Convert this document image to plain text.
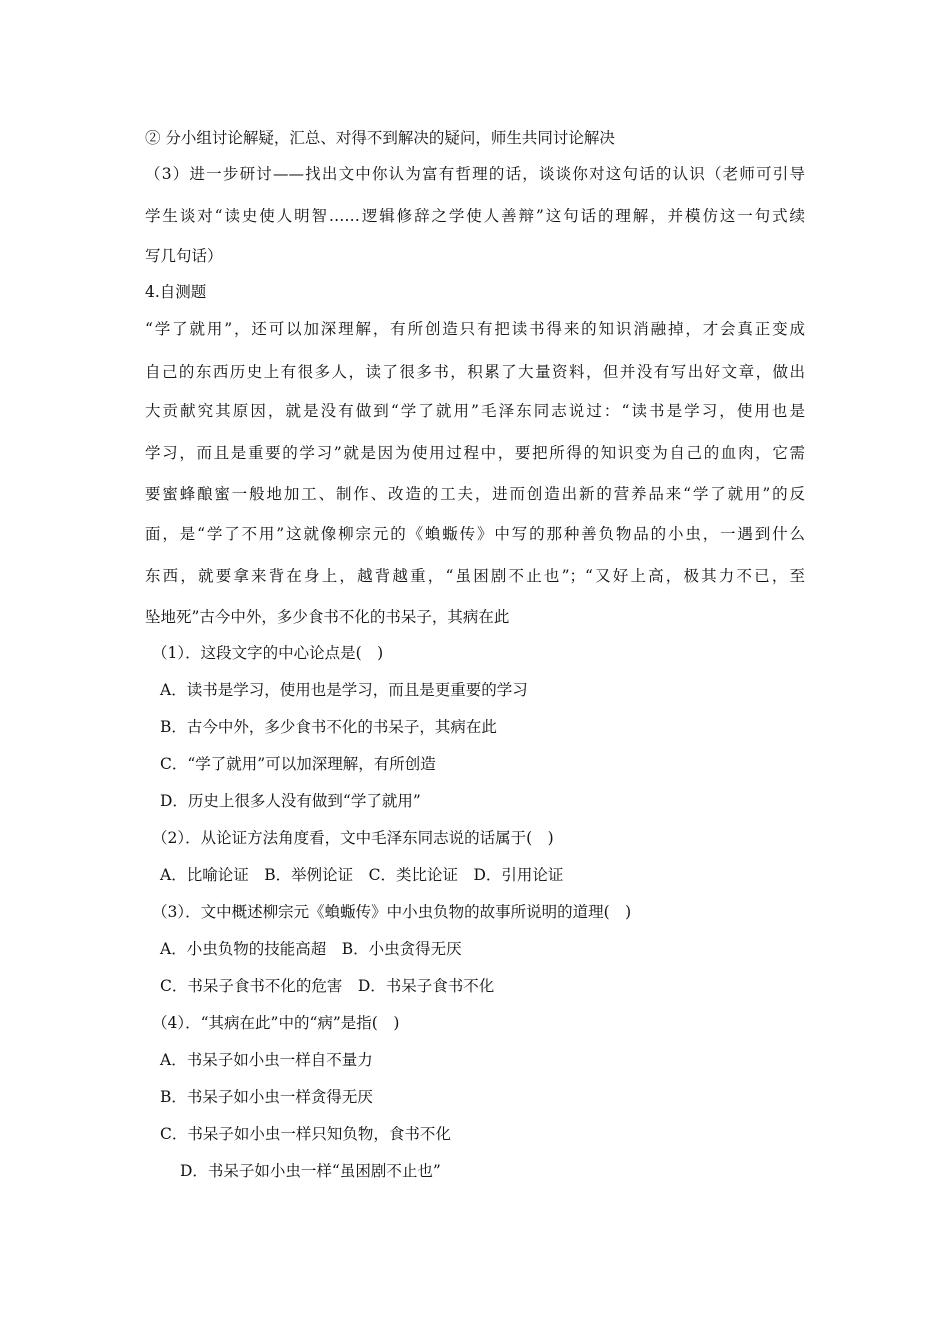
② 分小组讨论解疑，汇总、对得不到解决的疑问，师生共同讨论解决
（3）进一步研讨——找出文中你认为富有哲理的话，谈谈你对这句话的认识（老师可引导
学生谈对“读史使人明智……逻辑修辞之学使人善辩”这句话的理解，并模仿这一句式续
写几句话）
4.自测题
“学了就用”，还可以加深理解，有所创造只有把读书得来的知识消融掉，才会真正变成
自己的东西历史上有很多人，读了很多书，积累了大量资料，但并没有写出好文章，做出
大贡献究其原因，就是没有做到“学了就用”毛泽东同志说过：“读书是学习，使用也是
学习，而且是重要的学习”就是因为使用过程中，要把所得的知识变为自己的血肉，它需
要蜜蜂酿蜜一般地加工、制作、改造的工夫，进而创造出新的营养品来“学了就用”的反
面，是“学了不用”这就像柳宗元的《蝜蝂传》中写的那种善负物品的小虫，一遇到什么
东西，就要拿来背在身上，越背越重，“虽困剧不止也”；“又好上高，极其力不已，至
坠地死”古今中外，多少食书不化的书呆子，其病在此
（1）．这段文字的中心论点是(　)
A．读书是学习，使用也是学习，而且是更重要的学习
B．古今中外，多少食书不化的书呆子，其病在此
C．“学了就用”可以加深理解，有所创造
D．历史上很多人没有做到“学了就用”
（2）．从论证方法角度看，文中毛泽东同志说的话属于(　)
A．比喻论证　B．举例论证　C．类比论证　D．引用论证
（3）．文中概述柳宗元《蝜蝂传》中小虫负物的故事所说明的道理(　)
A．小虫负物的技能高超　B．小虫贪得无厌
C．书呆子食书不化的危害　D．书呆子食书不化
（4）．“其病在此”中的“病”是指(　)
A．书呆子如小虫一样自不量力
B．书呆子如小虫一样贪得无厌
C．书呆子如小虫一样只知负物，食书不化
D．书呆子如小虫一样“虽困剧不止也”
